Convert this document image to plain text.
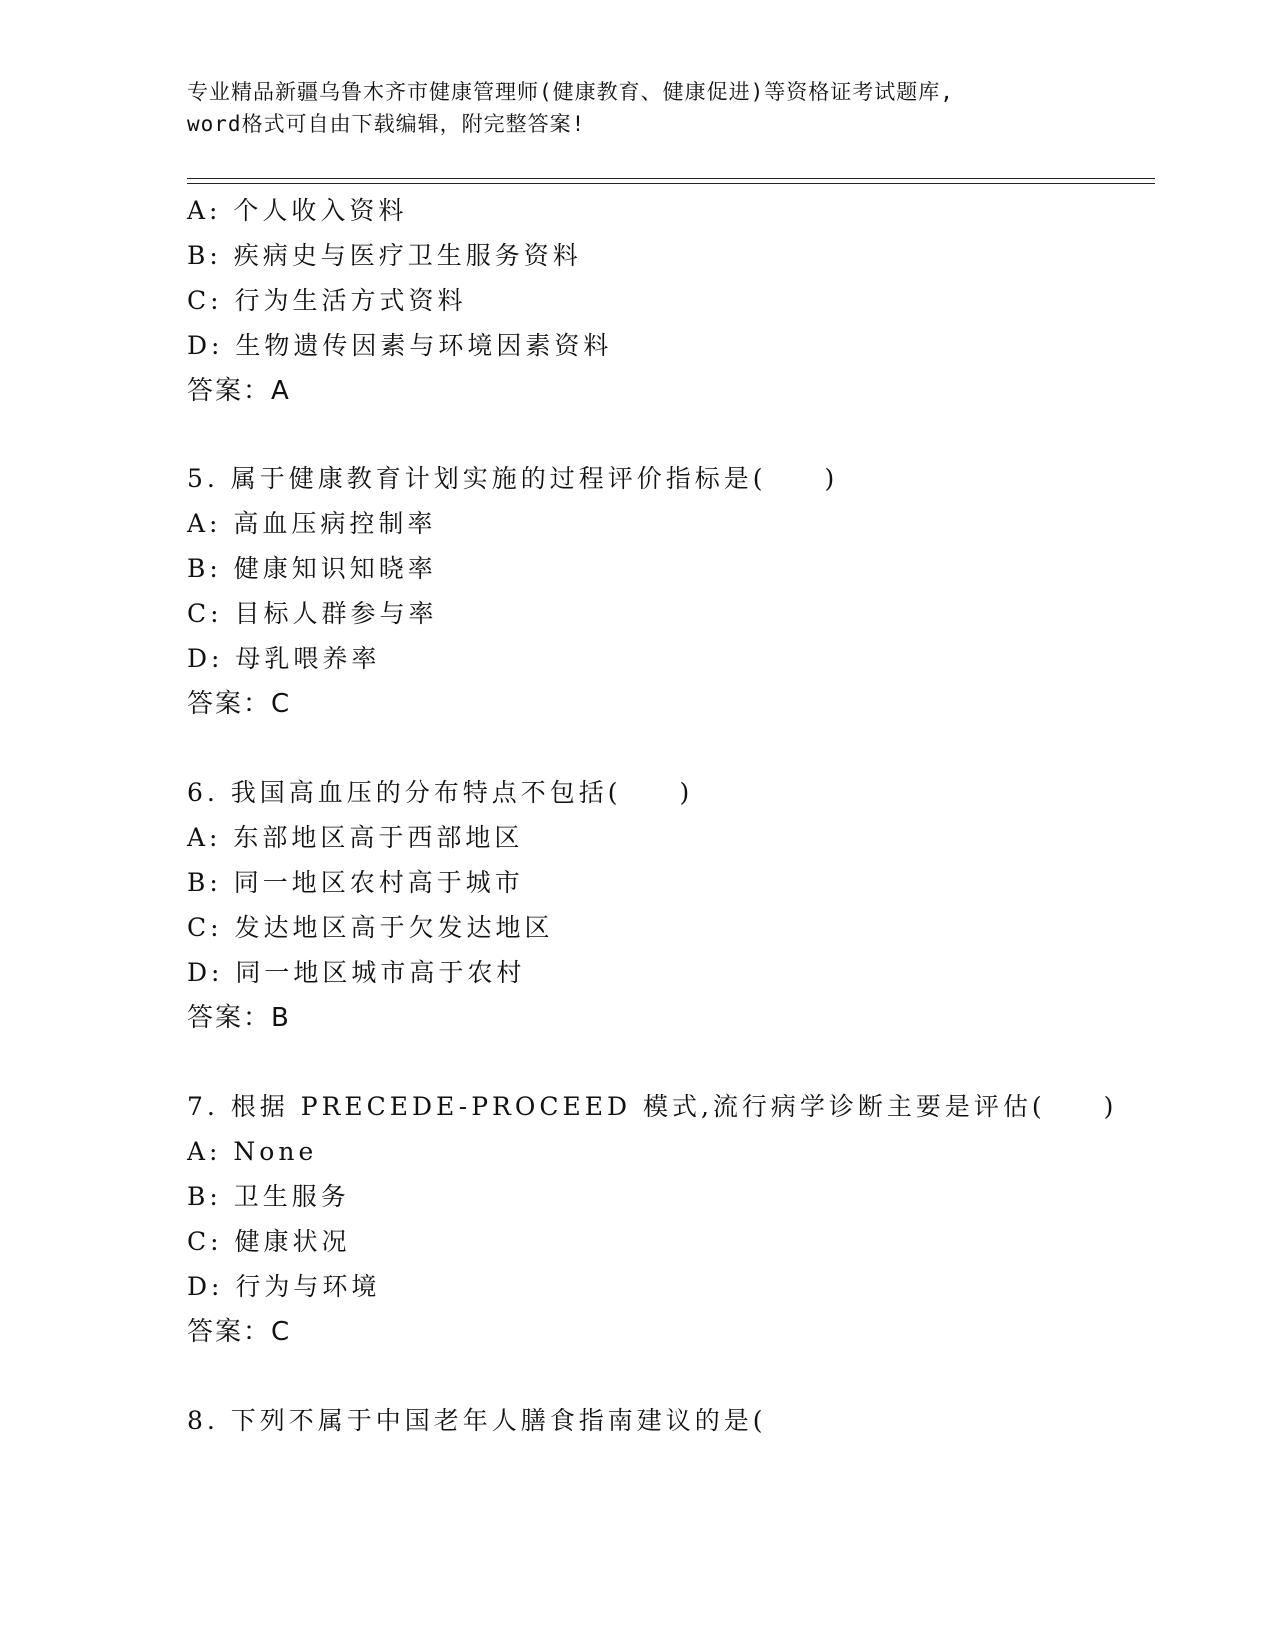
专业精品新疆乌鲁木齐市健康管理师(健康教育、健康促进)等资格证考试题库,
word格式可自由下载编辑，附完整答案!
A: 个人收入资料
B: 疾病史与医疗卫生服务资料
C: 行为生活方式资料
D: 生物遗传因素与环境因素资料
答案：A
5. 属于健康教育计划实施的过程评价指标是(　　)
A: 高血压病控制率
B: 健康知识知晓率
C: 目标人群参与率
D: 母乳喂养率
答案：C
6. 我国高血压的分布特点不包括(　　)
A: 东部地区高于西部地区
B: 同一地区农村高于城市
C: 发达地区高于欠发达地区
D: 同一地区城市高于农村
答案：B
7. 根据 PRECEDE-PROCEED 模式,流行病学诊断主要是评估(　　)
A: None
B: 卫生服务
C: 健康状况
D: 行为与环境
答案：C
8. 下列不属于中国老年人膳食指南建议的是(
